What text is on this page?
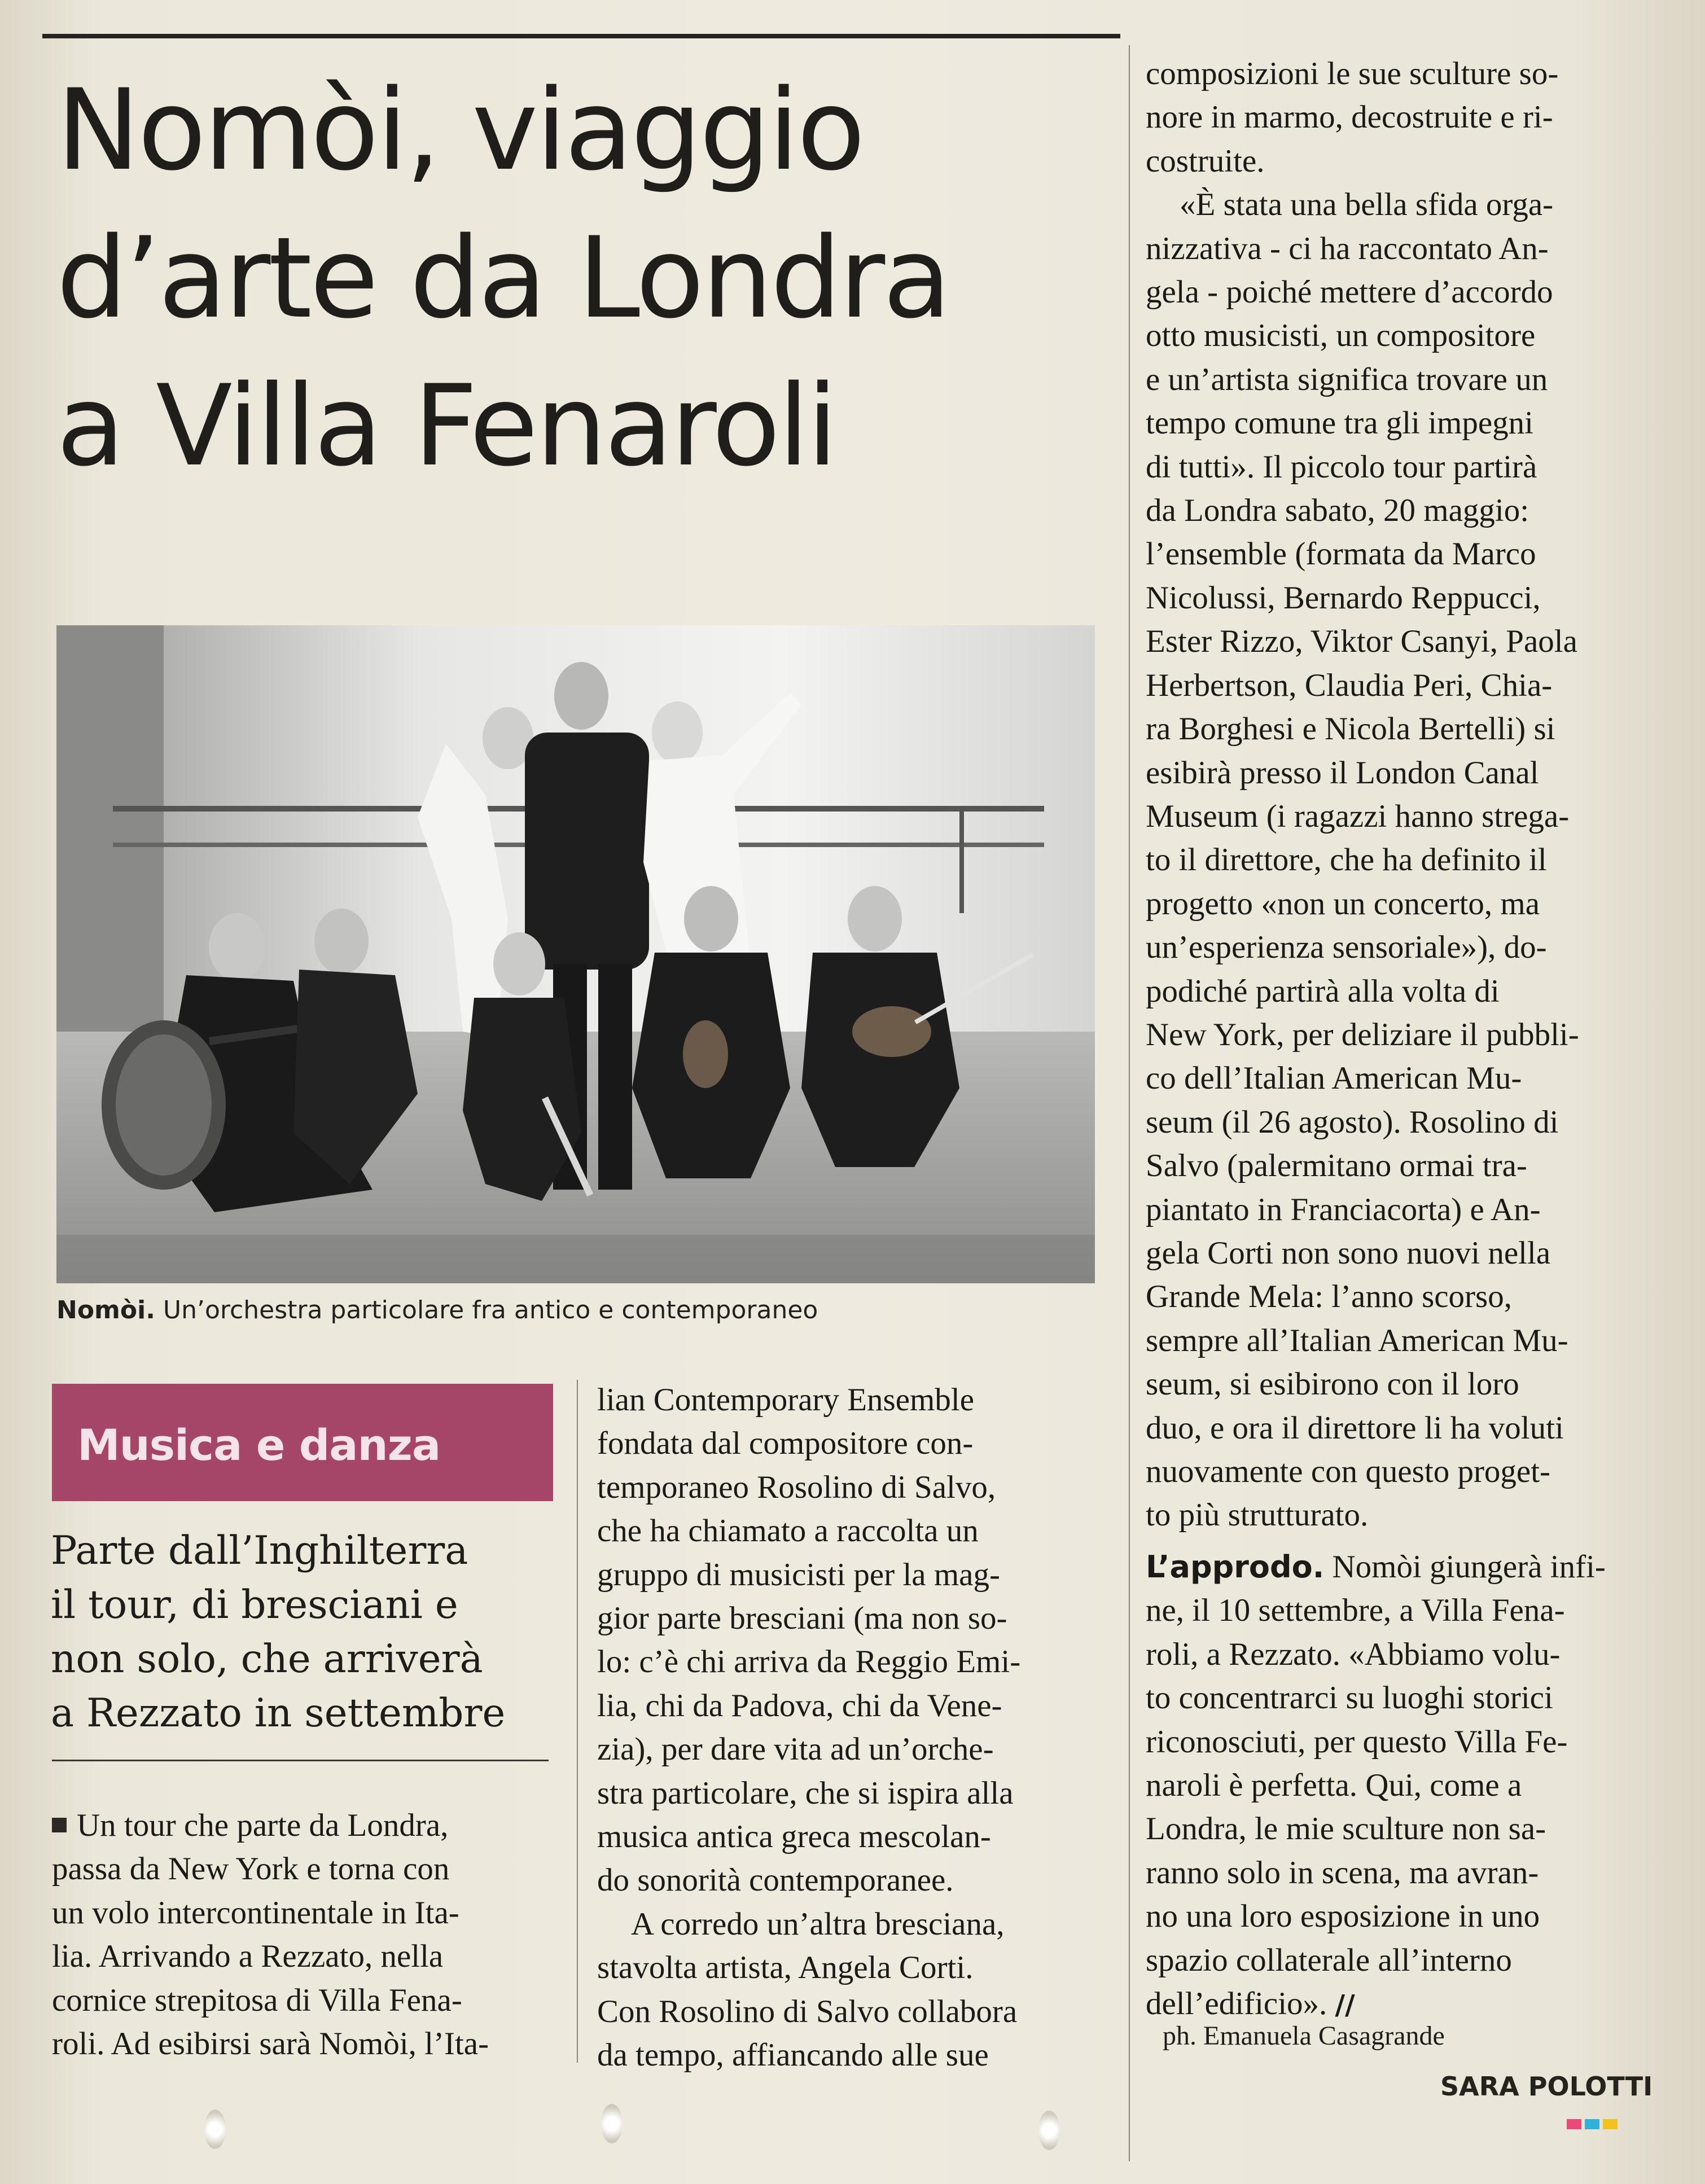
Nomòi, viaggio
d’arte da Londra
a Villa Fenaroli
Nomòi. Un’orchestra particolare fra antico e contemporaneo
Musica e danza
Parte dall’Inghilterra
il tour, di bresciani e
non solo, che arriverà
a Rezzato in settembre
Un tour che parte da Londra,
passa da New York e torna con
un volo intercontinentale in Ita-
lia. Arrivando a Rezzato, nella
cornice strepitosa di Villa Fena-
roli. Ad esibirsi sarà Nomòi, l’Ita-
lian Contemporary Ensemble
fondata dal compositore con-
temporaneo Rosolino di Salvo,
che ha chiamato a raccolta un
gruppo di musicisti per la mag-
gior parte bresciani (ma non so-
lo: c’è chi arriva da Reggio Emi-
lia, chi da Padova, chi da Vene-
zia), per dare vita ad un’orche-
stra particolare, che si ispira alla
musica antica greca mescolan-
do sonorità contemporanee.
A corredo un’altra bresciana,
stavolta artista, Angela Corti.
Con Rosolino di Salvo collabora
da tempo, affiancando alle sue
composizioni le sue sculture so-
nore in marmo, decostruite e ri-
costruite.
«È stata una bella sfida orga-
nizzativa - ci ha raccontato An-
gela - poiché mettere d’accordo
otto musicisti, un compositore
e un’artista significa trovare un
tempo comune tra gli impegni
di tutti». Il piccolo tour partirà
da Londra sabato, 20 maggio:
l’ensemble (formata da Marco
Nicolussi, Bernardo Reppucci,
Ester Rizzo, Viktor Csanyi, Paola
Herbertson, Claudia Peri, Chia-
ra Borghesi e Nicola Bertelli) si
esibirà presso il London Canal
Museum (i ragazzi hanno strega-
to il direttore, che ha definito il
progetto «non un concerto, ma
un’esperienza sensoriale»), do-
podiché partirà alla volta di
New York, per deliziare il pubbli-
co dell’Italian American Mu-
seum (il 26 agosto). Rosolino di
Salvo (palermitano ormai tra-
piantato in Franciacorta) e An-
gela Corti non sono nuovi nella
Grande Mela: l’anno scorso,
sempre all’Italian American Mu-
seum, si esibirono con il loro
duo, e ora il direttore li ha voluti
nuovamente con questo proget-
to più strutturato.
L’approdo. Nomòi giungerà infi-
ne, il 10 settembre, a Villa Fena-
roli, a Rezzato. «Abbiamo volu-
to concentrarci su luoghi storici
riconosciuti, per questo Villa Fe-
naroli è perfetta. Qui, come a
Londra, le mie sculture non sa-
ranno solo in scena, ma avran-
no una loro esposizione in uno
spazio collaterale all’interno
dell’edificio». //
ph. Emanuela Casagrande
SARA POLOTTI
